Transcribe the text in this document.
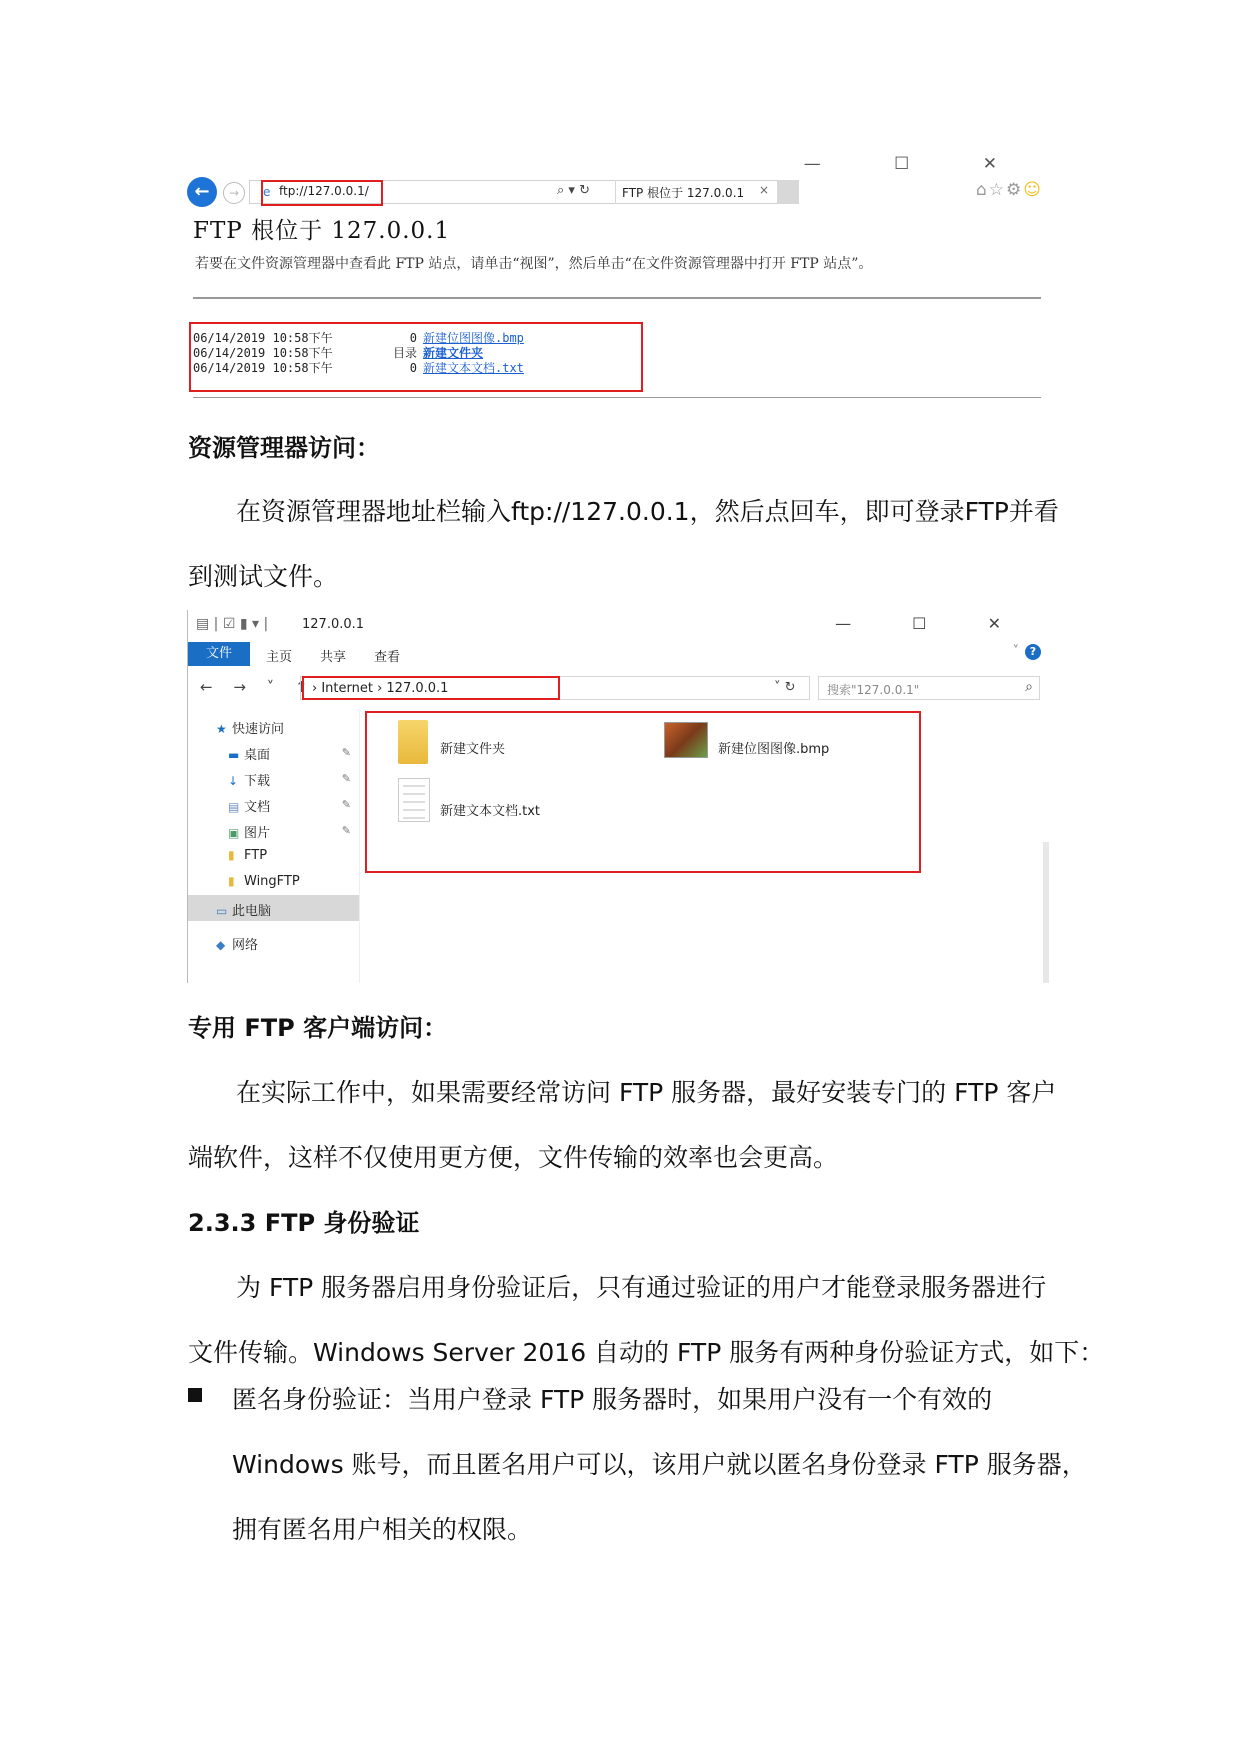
— ☐ ✕
←	→	e ftp://127.0.0.1/	⌕ ▾ ↻	FTP 根位于 127.0.0.1 ×	⌂☆⚙☺
FTP 根位于 127.0.0.1
若要在文件资源管理器中查看此 FTP 站点，请单击“视图”，然后单击“在文件资源管理器中打开 FTP 站点”。
06/14/2019 10:58下午	0 新建位图图像.bmp
06/14/2019 10:58下午	目录 新建文件夹
06/14/2019 10:58下午	0 新建文本文档.txt
资源管理器访问：
在资源管理器地址栏输入ftp://127.0.0.1，然后点回车，即可登录FTP并看
到测试文件。
▤ | ☑ ▮ ▾ |	127.0.0.1	— ☐ ✕
文件	主页 共享 查看	˅ ?
← → ˅ ↑
› Internet › 127.0.0.1	˅ ↻	搜索"127.0.0.1"	⌕
★ 快速访问
▬ 桌面
↓ 下载
▤ 文档
▣ 图片
▮ FTP
▮ WingFTP
▭ 此电脑
◆ 网络
✎
✎
✎
✎
新建文件夹	新建位图图像.bmp
新建文本文档.txt
专用 FTP 客户端访问：
在实际工作中，如果需要经常访问 FTP 服务器，最好安装专门的 FTP 客户
端软件，这样不仅使用更方便，文件传输的效率也会更高。
2.3.3 FTP 身份验证
为 FTP 服务器启用身份验证后，只有通过验证的用户才能登录服务器进行
文件传输。Windows Server 2016 自动的 FTP 服务有两种身份验证方式，如下：
匿名身份验证：当用户登录 FTP 服务器时，如果用户没有一个有效的
Windows 账号，而且匿名用户可以，该用户就以匿名身份登录 FTP 服务器，
拥有匿名用户相关的权限。
